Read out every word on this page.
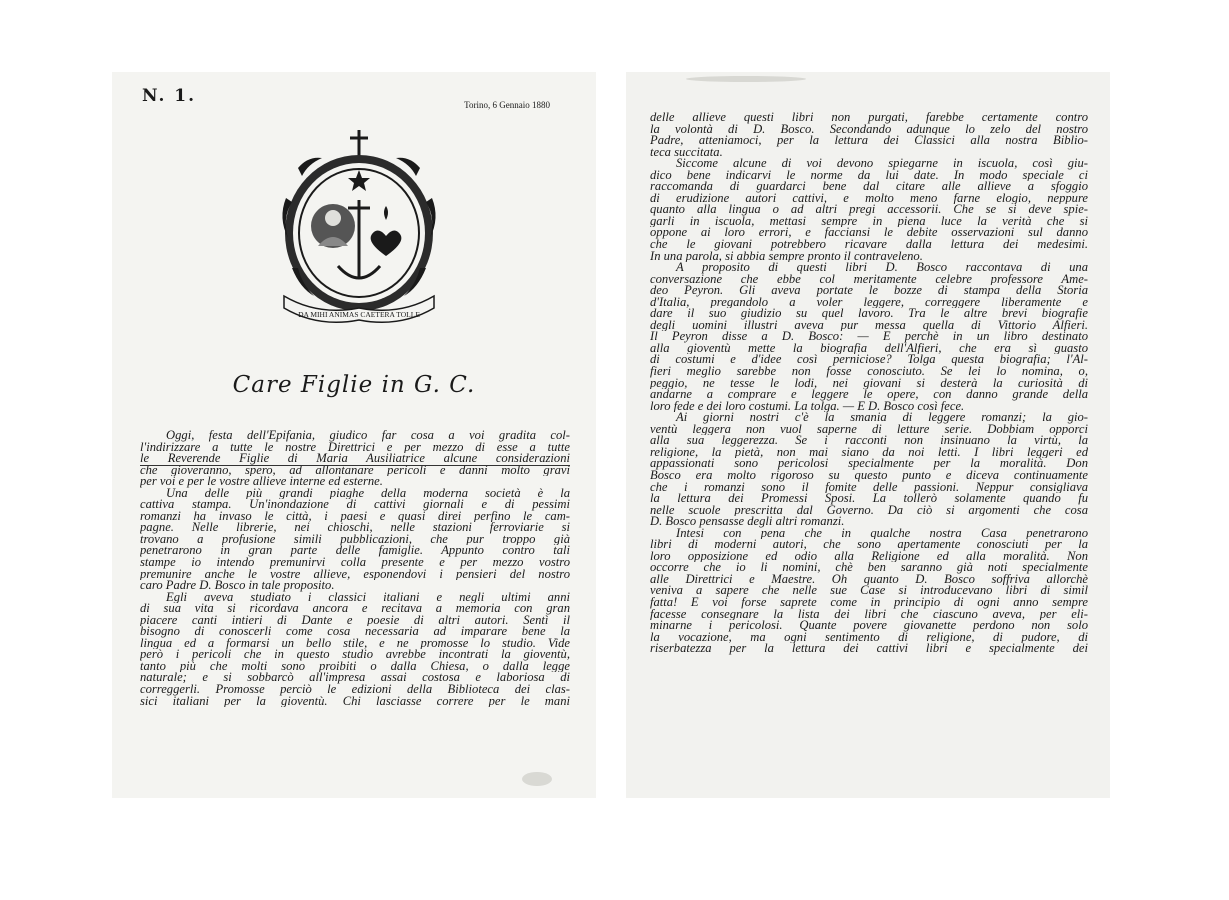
N. 1.	Torino, 6 Gennaio 1880
DA MIHI ANIMAS CAETERA TOLLE
Care Figlie in G. C.
Oggi, festa dell'Epifania, giudico far cosa a voi gradita col-
l'indirizzare a tutte le nostre Direttrici e per mezzo di esse a tutte
le Reverende Figlie di Maria Ausiliatrice alcune considerazioni
che gioveranno, spero, ad allontanare pericoli e danni molto gravi
per voi e per le vostre allieve interne ed esterne.
Una delle più grandi piaghe della moderna società è la
cattiva stampa. Un'inondazione di cattivi giornali e di pessimi
romanzi ha invaso le città, i paesi e quasi direi perfino le cam-
pagne. Nelle librerie, nei chioschi, nelle stazioni ferroviarie si
trovano a profusione simili pubblicazioni, che pur troppo già
penetrarono in gran parte delle famiglie. Appunto contro tali
stampe io intendo premunirvi colla presente e per mezzo vostro
premunire anche le vostre allieve, esponendovi i pensieri del nostro
caro Padre D. Bosco in tale proposito.
Egli aveva studiato i classici italiani e negli ultimi anni
di sua vita si ricordava ancora e recitava a memoria con gran
piacere canti intieri di Dante e poesie di altri autori. Sentì il
bisogno di conoscerli come cosa necessaria ad imparare bene la
lingua ed a formarsi un bello stile, e ne promosse lo studio. Vide
però i pericoli che in questo studio avrebbe incontrati la gioventù,
tanto più che molti sono proibiti o dalla Chiesa, o dalla legge
naturale; e si sobbarcò all'impresa assai costosa e laboriosa di
correggerli. Promosse perciò le edizioni della Biblioteca dei clas-
sici italiani per la gioventù. Chi lasciasse correre per le mani
delle allieve questi libri non purgati, farebbe certamente contro
la volontà di D. Bosco. Secondando adunque lo zelo del nostro
Padre, atteniamoci, per la lettura dei Classici alla nostra Biblio-
teca succitata.
Siccome alcune di voi devono spiegarne in iscuola, così giu-
dico bene indicarvi le norme da lui date. In modo speciale ci
raccomanda di guardarci bene dal citare alle allieve a sfoggio
di erudizione autori cattivi, e molto meno farne elogio, neppure
quanto alla lingua o ad altri pregi accessorii. Che se si deve spie-
garli in iscuola, mettasi sempre in piena luce la verità che si
oppone ai loro errori, e facciansi le debite osservazioni sul danno
che le giovani potrebbero ricavare dalla lettura dei medesimi.
In una parola, si abbia sempre pronto il contraveleno.
A proposito di questi libri D. Bosco raccontava di una
conversazione che ebbe col meritamente celebre professore Ame-
deo Peyron. Gli aveva portate le bozze di stampa della Storia
d'Italia, pregandolo a voler leggere, correggere liberamente e
dare il suo giudizio su quel lavoro. Tra le altre brevi biografie
degli uomini illustri aveva pur messa quella di Vittorio Alfieri.
Il Peyron disse a D. Bosco: — E perchè in un libro destinato
alla gioventù mette la biografia dell'Alfieri, che era sì guasto
di costumi e d'idee così perniciose? Tolga questa biografia; l'Al-
fieri meglio sarebbe non fosse conosciuto. Se lei lo nomina, o,
peggio, ne tesse le lodi, nei giovani si desterà la curiosità di
andarne a comprare e leggere le opere, con danno grande della
loro fede e dei loro costumi. La tolga. — E D. Bosco così fece.
Ai giorni nostri c'è la smania di leggere romanzi; la gio-
ventù leggera non vuol saperne di letture serie. Dobbiam opporci
alla sua leggerezza. Se i racconti non insinuano la virtù, la
religione, la pietà, non mai siano da noi letti. I libri leggeri ed
appassionati sono pericolosi specialmente per la moralità. Don
Bosco era molto rigoroso su questo punto e diceva continuamente
che i romanzi sono il fomite delle passioni. Neppur consigliava
la lettura dei Promessi Sposi. La tollerò solamente quando fu
nelle scuole prescritta dal Governo. Da ciò si argomenti che cosa
D. Bosco pensasse degli altri romanzi.
Intesi con pena che in qualche nostra Casa penetrarono
libri di moderni autori, che sono apertamente conosciuti per la
loro opposizione ed odio alla Religione ed alla moralità. Non
occorre che io li nomini, chè ben saranno già noti specialmente
alle Direttrici e Maestre. Oh quanto D. Bosco soffriva allorchè
veniva a sapere che nelle sue Case si introducevano libri di simil
fatta! E voi forse saprete come in principio di ogni anno sempre
facesse consegnare la lista dei libri che ciascuno aveva, per eli-
minarne i pericolosi. Quante povere giovanette perdono non solo
la vocazione, ma ogni sentimento di religione, di pudore, di
riserbatezza per la lettura dei cattivi libri e specialmente dei
